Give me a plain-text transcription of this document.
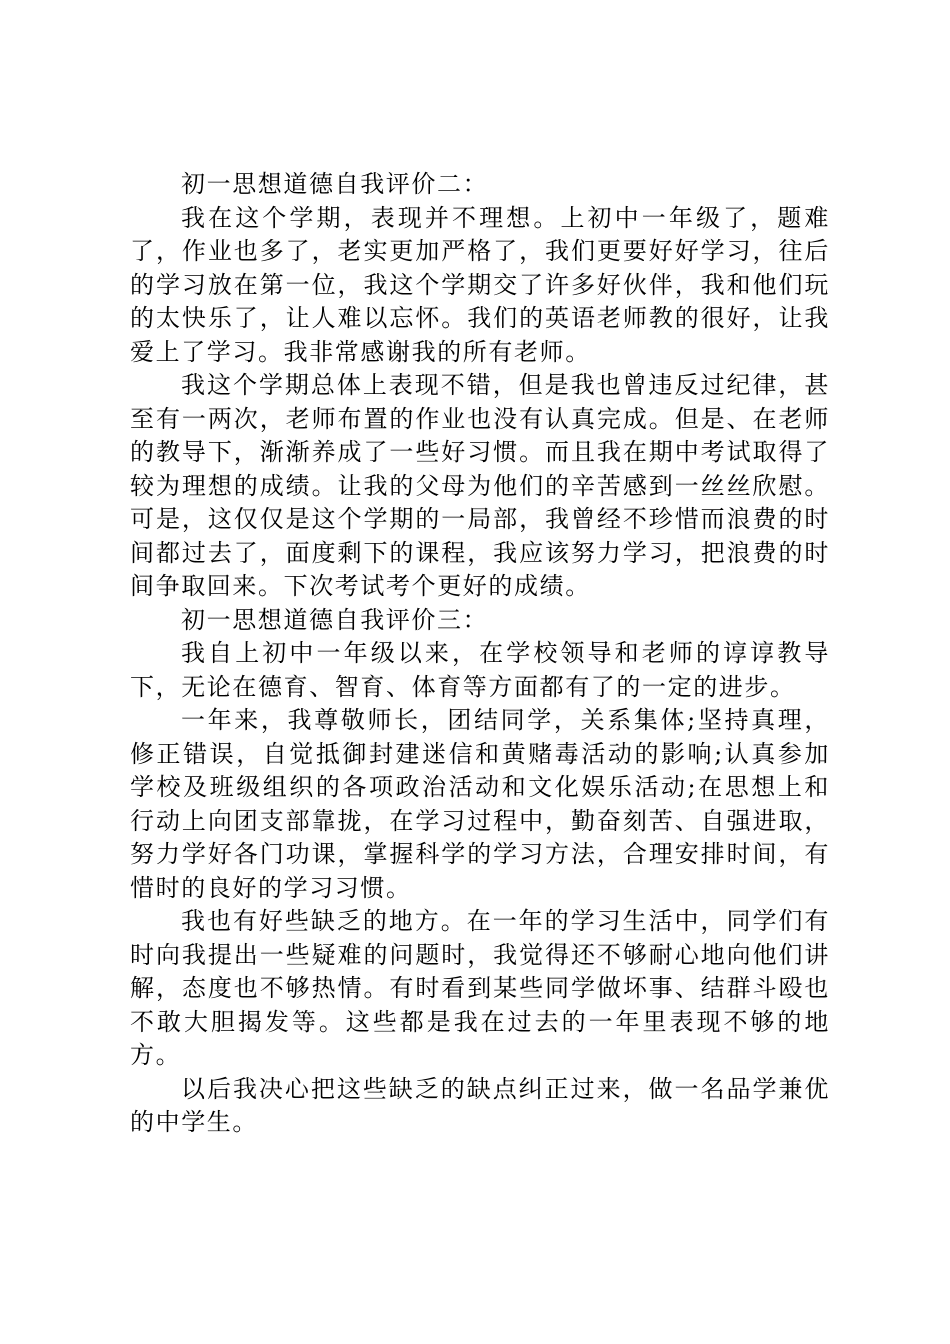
初一思想道德自我评价二：

我在这个学期，表现并不理想。上初中一年级了，题难了，作业也多了，老实更加严格了，我们更要好好学习，往后的学习放在第一位，我这个学期交了许多好伙伴，我和他们玩的太快乐了，让人难以忘怀。我们的英语老师教的很好，让我爱上了学习。我非常感谢我的所有老师。

我这个学期总体上表现不错，但是我也曾违反过纪律，甚至有一两次，老师布置的作业也没有认真完成。但是、在老师的教导下，渐渐养成了一些好习惯。而且我在期中考试取得了较为理想的成绩。让我的父母为他们的辛苦感到一丝丝欣慰。可是，这仅仅是这个学期的一局部，我曾经不珍惜而浪费的时间都过去了，面度剩下的课程，我应该努力学习，把浪费的时间争取回来。下次考试考个更好的成绩。

初一思想道德自我评价三：

我自上初中一年级以来，在学校领导和老师的谆谆教导下，无论在德育、智育、体育等方面都有了的一定的进步。

一年来，我尊敬师长，团结同学，关系集体;坚持真理，修正错误，自觉抵御封建迷信和黄赌毒活动的影响;认真参加学校及班级组织的各项政治活动和文化娱乐活动;在思想上和行动上向团支部靠拢，在学习过程中，勤奋刻苦、自强进取，努力学好各门功课，掌握科学的学习方法，合理安排时间，有惜时的良好的学习习惯。

我也有好些缺乏的地方。在一年的学习生活中，同学们有时向我提出一些疑难的问题时，我觉得还不够耐心地向他们讲解，态度也不够热情。有时看到某些同学做坏事、结群斗殴也不敢大胆揭发等。这些都是我在过去的一年里表现不够的地方。

以后我决心把这些缺乏的缺点纠正过来，做一名品学兼优的中学生。
